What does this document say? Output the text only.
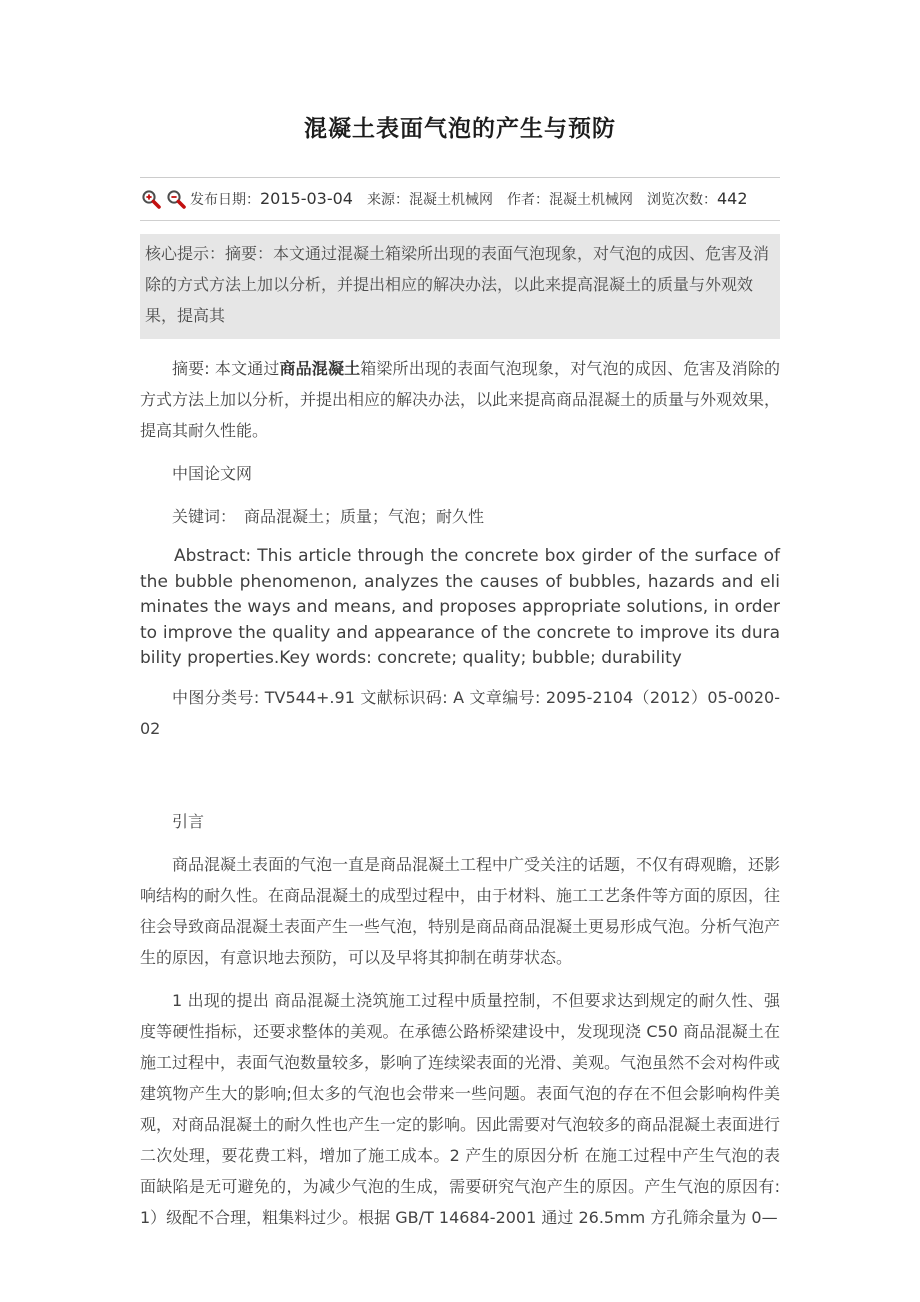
混凝土表面气泡的产生与预防
发布日期：2015-03-04 来源：混凝土机械网 作者：混凝土机械网 浏览次数：442
核心提示：摘要：本文通过混凝土箱梁所出现的表面气泡现象，对气泡的成因、危害及消除的方式方法上加以分析，并提出相应的解决办法，以此来提高混凝土的质量与外观效果，提高其

摘要: 本文通过商品混凝土箱梁所出现的表面气泡现象，对气泡的成因、危害及消除的方式方法上加以分析，并提出相应的解决办法，以此来提高商品混凝土的质量与外观效果，提高其耐久性能。

中国论文网

关键词：　商品混凝土；质量；气泡；耐久性

Abstract: This article through the concrete box girder of the surface of the bubble phenomenon, analyzes the causes of bubbles, hazards and eliminates the ways and means, and proposes appropriate solutions, in order to improve the quality and appearance of the concrete to improve its durability properties.Key words: concrete; quality; bubble; durability

中图分类号: TV544+.91 文献标识码: A 文章编号: 2095-2104（2012）05-0020-02

引言

商品混凝土表面的气泡一直是商品混凝土工程中广受关注的话题，不仅有碍观瞻，还影响结构的耐久性。在商品混凝土的成型过程中，由于材料、施工工艺条件等方面的原因，往往会导致商品混凝土表面产生一些气泡，特别是商品商品混凝土更易形成气泡。分析气泡产生的原因，有意识地去预防，可以及早将其抑制在萌芽状态。

1 出现的提出 商品混凝土浇筑施工过程中质量控制，不但要求达到规定的耐久性、强度等硬性指标，还要求整体的美观。在承德公路桥梁建设中，发现现浇 C50 商品混凝土在施工过程中，表面气泡数量较多，影响了连续梁表面的光滑、美观。气泡虽然不会对构件或建筑物产生大的影响;但太多的气泡也会带来一些问题。表面气泡的存在不但会影响构件美观，对商品混凝土的耐久性也产生一定的影响。因此需要对气泡较多的商品混凝土表面进行二次处理，要花费工料，增加了施工成本。2 产生的原因分析 在施工过程中产生气泡的表面缺陷是无可避免的，为减少气泡的生成，需要研究气泡产生的原因。产生气泡的原因有: 1）级配不合理，粗集料过少。根据 GB/T 14684-2001 通过 26.5mm 方孔筛余量为 0—
